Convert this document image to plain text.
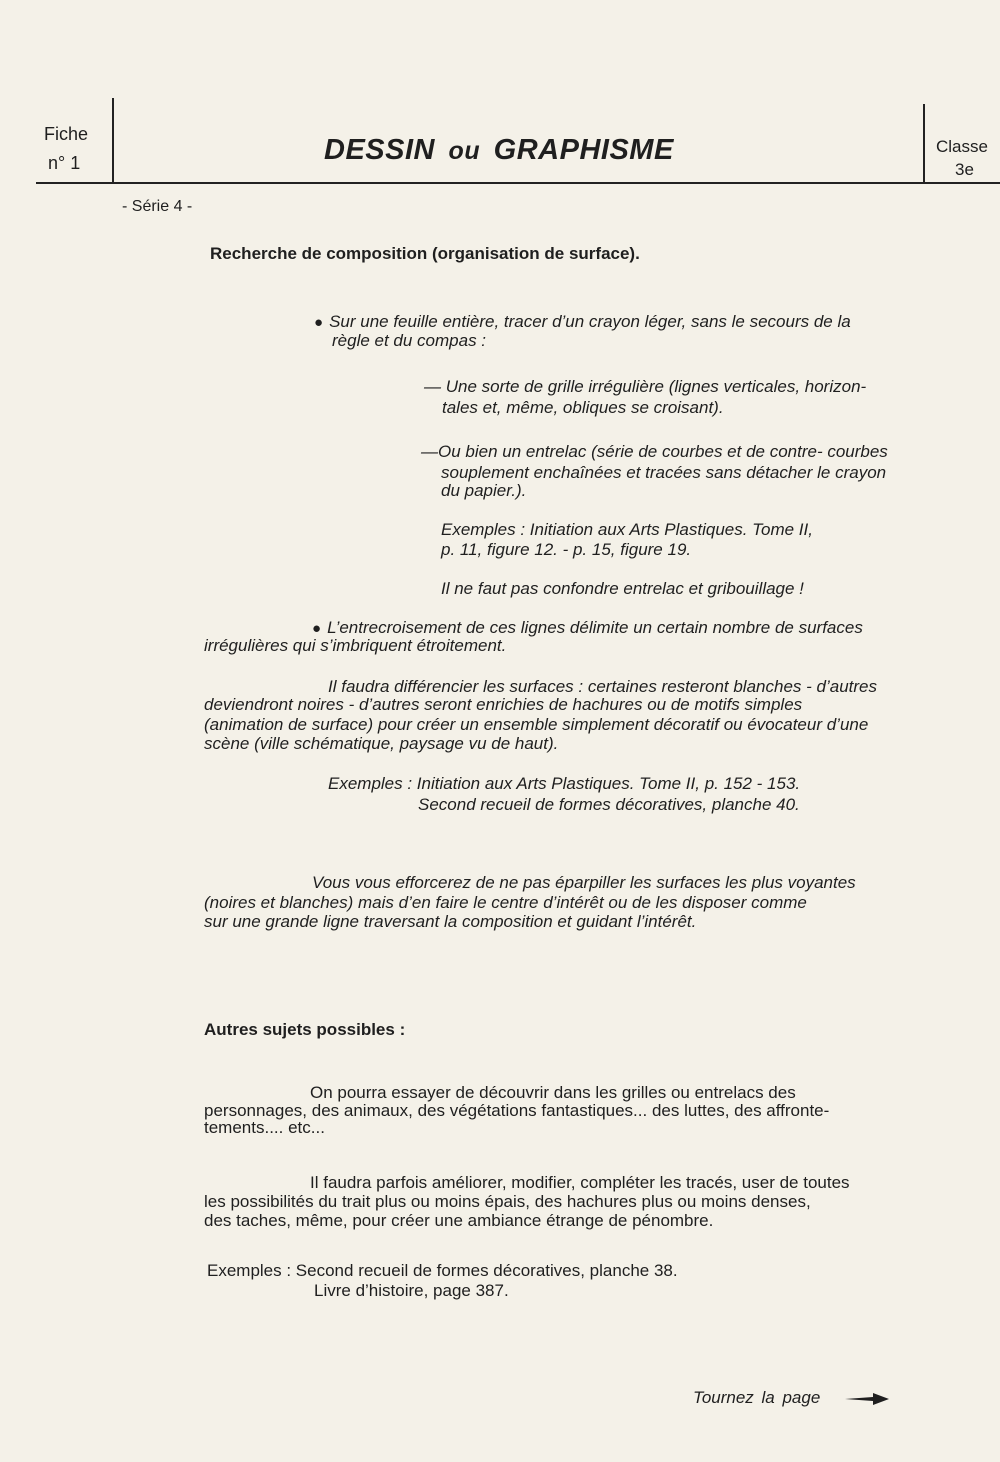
Fiche
n° 1	DESSIN ou GRAPHISME	Classe
3e
- Série 4 -
Recherche de composition (organisation de surface).
● Sur une feuille entière, tracer d’un crayon léger, sans le secours de la
règle et du compas :
— Une sorte de grille irrégulière (lignes verticales, horizon-
tales et, même, obliques se croisant).
—Ou bien un entrelac (série de courbes et de contre- courbes
souplement enchaînées et tracées sans détacher le crayon
du papier.).
Exemples : Initiation aux Arts Plastiques. Tome II,
p. 11, figure 12. - p. 15, figure 19.
Il ne faut pas confondre entrelac et gribouillage !
● L’entrecroisement de ces lignes délimite un certain nombre de surfaces
irrégulières qui s’imbriquent étroitement.
Il faudra différencier les surfaces : certaines resteront blanches - d’autres
deviendront noires - d’autres seront enrichies de hachures ou de motifs simples
(animation de surface) pour créer un ensemble simplement décoratif ou évocateur d’une
scène (ville schématique, paysage vu de haut).
Exemples : Initiation aux Arts Plastiques. Tome II, p. 152 - 153.
Second recueil de formes décoratives, planche 40.
Vous vous efforcerez de ne pas éparpiller les surfaces les plus voyantes
(noires et blanches) mais d’en faire le centre d’intérêt ou de les disposer comme
sur une grande ligne traversant la composition et guidant l’intérêt.
Autres sujets possibles :
On pourra essayer de découvrir dans les grilles ou entrelacs des
personnages, des animaux, des végétations fantastiques... des luttes, des affronte-
tements.... etc...
Il faudra parfois améliorer, modifier, compléter les tracés, user de toutes
les possibilités du trait plus ou moins épais, des hachures plus ou moins denses,
des taches, même, pour créer une ambiance étrange de pénombre.
Exemples : Second recueil de formes décoratives, planche 38.
Livre d’histoire, page 387.
Tournez la page
